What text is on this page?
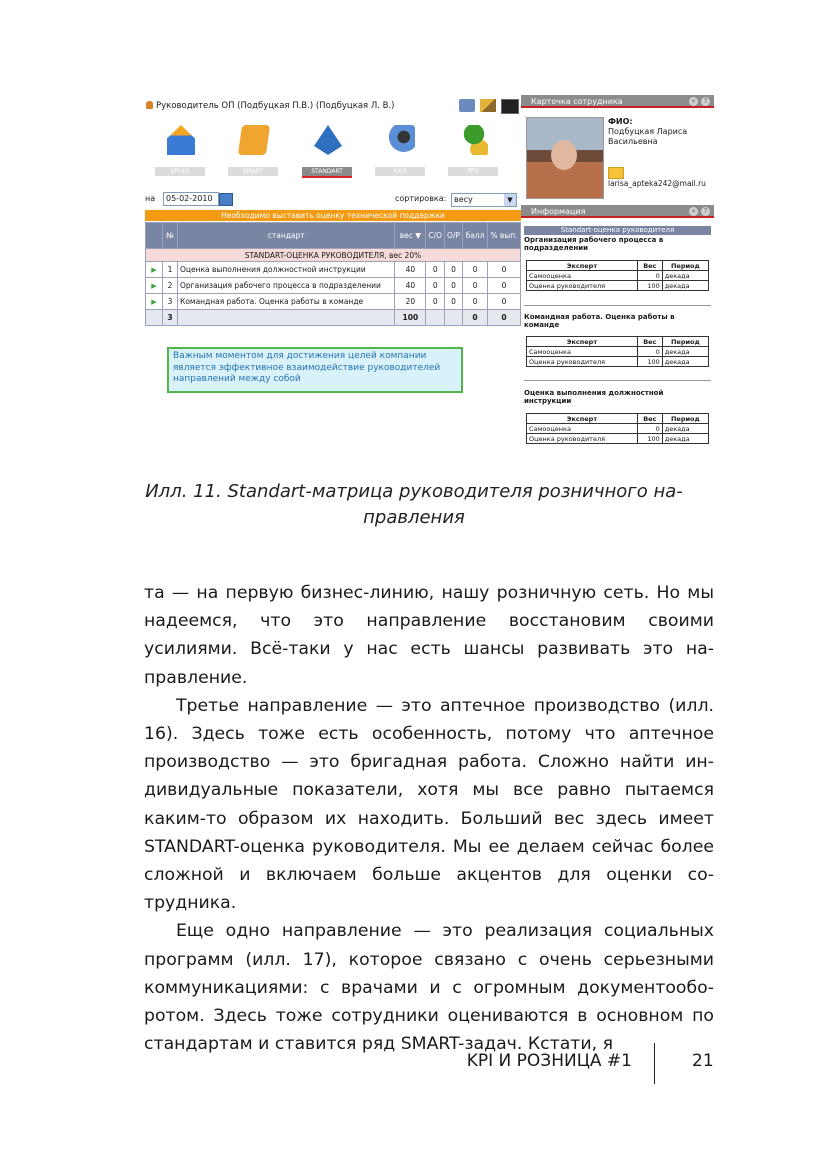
Руководитель ОП (Подбуцкая П.В.) (Подбуцкая Л. В.)
KPI-ES	SMART	STANDART	K-ES	PPX
на	05-02-2010	сортировка: весу	▼
Необходимо выставить оценку технической поддержки
	№	стандарт	вес ▼	С/О	О/Р	балл	% вып.
STANDART-ОЦЕНКА РУКОВОДИТЕЛЯ, вес 20%							
▶	1	Оценка выполнения должностной инструкции	40	0	0	0	0
▶	2	Организация рабочего процесса в подразделении	40	0	0	0	0
▶	3	Командная работа. Оценка работы в команде	20	0	0	0	0
	3		100			0	0
Важным моментом для достижения целей компании является эффективное взаимодействие руководителей направлений между собой
Карточка сотрудника	«	?
ФИО:
Подбуцкая Лариса Васильевна
larisa_apteka242@mail.ru
Информация	«	?
Standart-оценка руководителя
Организация рабочего процесса в подразделении
Эксперт	Вес	Период
Самооценка	0	декада
Оценка руководителя	100	декада
Командная работа. Оценка работы в команде
Эксперт	Вес	Период
Самооценка	0	декада
Оценка руководителя	100	декада
Оценка выполнения должностной инструкции
Эксперт	Вес	Период
Самооценка	0	декада
Оценка руководителя	100	декада
Илл. 11. Standart-матрица руководителя розничного на-
правления

та — на первую бизнес-линию, нашу розничную сеть. Но мы надеемся, что это направление восстановим своими усилиями. Всё-таки у нас есть шансы развивать это направление.

Третье направление — это аптечное производство (илл. 16). Здесь тоже есть особенность, потому что аптечное производство — это бригадная работа. Сложно найти индивидуальные показатели, хотя мы все равно пытаемся каким-то образом их находить. Больший вес здесь имеет STANDART-оценка руководителя. Мы ее делаем сейчас более сложной и включаем больше акцентов для оценки сотрудника.

Еще одно направление — это реализация социальных программ (илл. 17), которое связано с очень серьезными коммуникациями: с врачами и с огромным документооборотом. Здесь тоже сотрудники оцениваются в основном по стандартам и ставится ряд SMART-задач. Кстати, я

KPI И РОЗНИЦА #1	21
